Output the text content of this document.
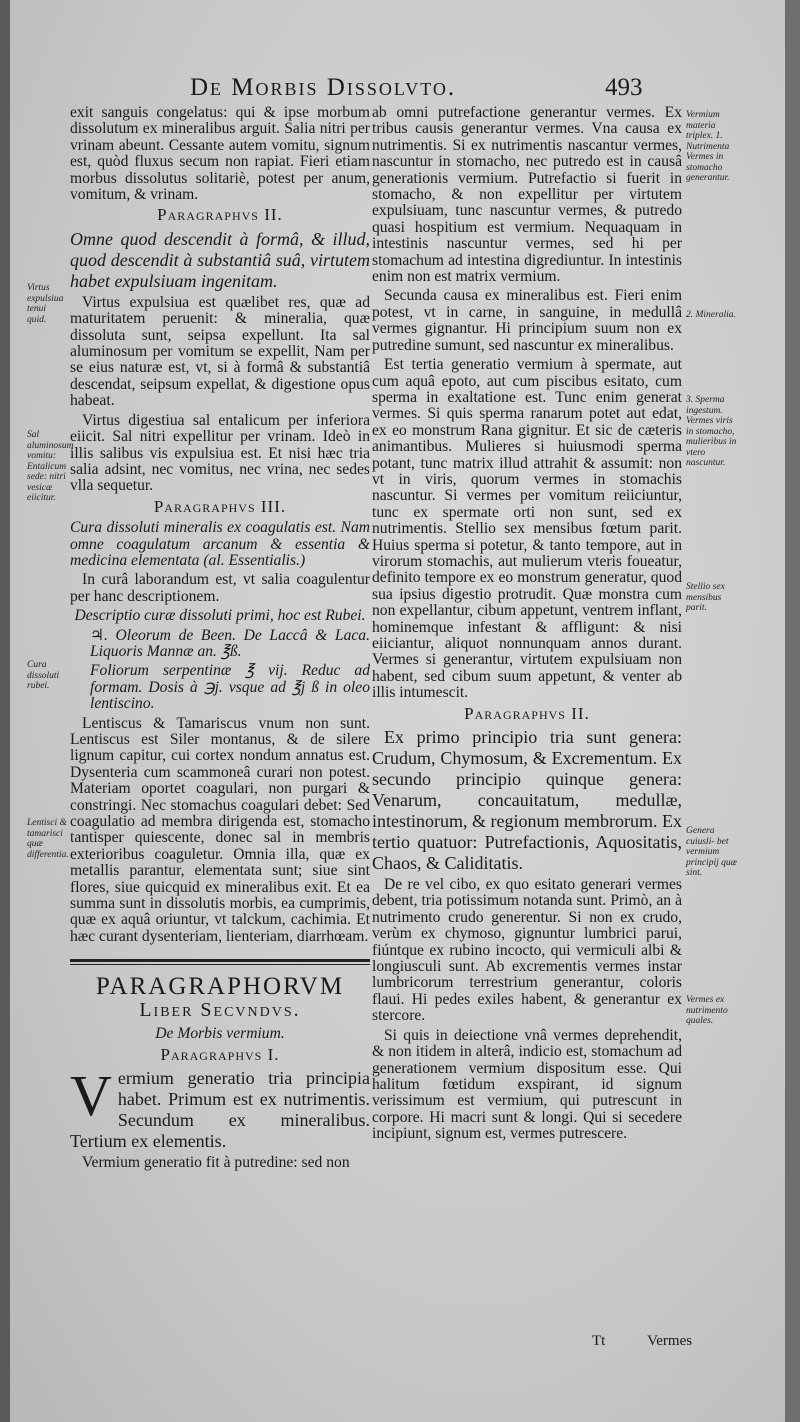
De Morbis Dissolvto.	493

exit sanguis congelatus: qui & ipse morbum dissolutum ex mineralibus arguit. Salia nitri per vrinam abeunt. Cessante autem vomitu, signum est, quòd fluxus secum non rapiat. Fieri etiam morbus dissolutus solitariè, potest per anum, vomitum, & vrinam.

Paragraphvs II.

Omne quod descendit à formâ, & illud, quod descendit à substantiâ suâ, virtutem habet expulsiuam ingenitam.

Virtus expulsiua est quælibet res, quæ ad maturitatem peruenit: & mineralia, quæ dissoluta sunt, seipsa expellunt. Ita sal aluminosum per vomitum se expellit, Nam per se eius naturæ est, vt, si à formâ & substantiâ descendat, seipsum expellat, & digestione opus habeat.

Virtus digestiua sal entalicum per inferiora eiicit. Sal nitri expellitur per vrinam. Ideò in illis salibus vis expulsiua est. Et nisi hæc tria salia adsint, nec vomitus, nec vrina, nec sedes vlla sequetur.

Paragraphvs III.

Cura dissoluti mineralis ex coagulatis est. Nam omne coagulatum arcanum & essentia & medicina elementata (al. Essentialis.)

In curâ laborandum est, vt salia coagulentur per hanc descriptionem.

Descriptio curæ dissoluti primi, hoc est Rubei.

♃. Oleorum de Been. De Laccâ & Laca. Liquoris Mannæ an. ℥ß.

Foliorum serpentinæ ℥ vij. Reduc ad formam. Dosis à ℈j. vsque ad ℥j ß in oleo lentiscino.

Lentiscus & Tamariscus vnum non sunt. Lentiscus est Siler montanus, & de silere lignum capitur, cui cortex nondum annatus est. Dysenteria cum scammoneâ curari non potest. Materiam oportet coagulari, non purgari & constringi. Nec stomachus coagulari debet: Sed coagulatio ad membra dirigenda est, stomacho tantisper quiescente, donec sal in membris exterioribus coaguletur. Omnia illa, quæ ex metallis parantur, elementata sunt; siue sint flores, siue quicquid ex mineralibus exit. Et ea summa sunt in dissolutis morbis, ea cumprimis, quæ ex aquâ oriuntur, vt talckum, cachimia. Et hæc curant dysenteriam, lienteriam, diarrhœam.

PARAGRAPHORVM
Liber Secvndvs.

De Morbis vermium.

Paragraphvs I.

Vermium generatio tria principia habet. Primum est ex nutrimentis. Secundum ex mineralibus. Tertium ex elementis.

Vermium generatio fit à putredine: sed non

ab omni putrefactione generantur vermes. Ex tribus causis generantur vermes. Vna causa ex nutrimentis. Si ex nutrimentis nascantur vermes, nascuntur in stomacho, nec putredo est in causâ generationis vermium. Putrefactio si fuerit in stomacho, & non expellitur per virtutem expulsiuam, tunc nascuntur vermes, & putredo quasi hospitium est vermium. Nequaquam in intestinis nascuntur vermes, sed hi per stomachum ad intestina digrediuntur. In intestinis enim non est matrix vermium.

Secunda causa ex mineralibus est. Fieri enim potest, vt in carne, in sanguine, in medullâ vermes gignantur. Hi principium suum non ex putredine sumunt, sed nascuntur ex mineralibus.

Est tertia generatio vermium à spermate, aut cum aquâ epoto, aut cum piscibus esitato, cum sperma in exaltatione est. Tunc enim generat vermes. Si quis sperma ranarum potet aut edat, ex eo monstrum Rana gignitur. Et sic de cæteris animantibus. Mulieres si huiusmodi sperma potant, tunc matrix illud attrahit & assumit: non vt in viris, quorum vermes in stomachis nascuntur. Si vermes per vomitum reiiciuntur, tunc ex spermate orti non sunt, sed ex nutrimentis. Stellio sex mensibus fœtum parit. Huius sperma si potetur, & tanto tempore, aut in virorum stomachis, aut mulierum vteris foueatur, definito tempore ex eo monstrum generatur, quod sua ipsius digestio protrudit. Quæ monstra cum non expellantur, cibum appetunt, ventrem inflant, hominemque infestant & affligunt: & nisi eiiciantur, aliquot nonnunquam annos durant. Vermes si generantur, virtutem expulsiuam non habent, sed cibum suum appetunt, & venter ab illis intumescit.

Paragraphvs II.

Ex primo principio tria sunt genera: Crudum, Chymosum, & Excrementum. Ex secundo principio quinque genera: Venarum, concauitatum, medullæ, intestinorum, & regionum membrorum. Ex tertio quatuor: Putrefactionis, Aquositatis, Chaos, & Caliditatis.

De re vel cibo, ex quo esitato generari vermes debent, tria potissimum notanda sunt. Primò, an à nutrimento crudo generentur. Si non ex crudo, verùm ex chymoso, gignuntur lumbrici parui, fiúntque ex rubino incocto, qui vermiculi albi & longiusculi sunt. Ab excrementis vermes instar lumbricorum terrestrium generantur, coloris flaui. Hi pedes exiles habent, & generantur ex stercore.

Si quis in deiectione vnâ vermes deprehendit, & non itidem in alterâ, indicio est, stomachum ad generationem vermium dispositum esse. Qui halitum fœtidum exspirant, id signum verissimum est vermium, qui putrescunt in corpore. Hi macri sunt & longi. Qui si secedere incipiunt, signum est, vermes putrescere.

Virtus expulsiua tenui quid.
Sal aluminosum vomitu: Entalicum sede: nitri vesicæ eiicitur.
Cura dissoluti rubei.
Lentisci & tamarisci quæ differentia.
Vermium materia triplex. 1. Nutrimenta Vermes in stomacho generantur.
2. Mineralia.
3. Sperma ingestum. Vermes viris in stomacho, mulieribus in vtero nascuntur.
Stellio sex mensibus parit.
Genera cuiusli- bet vermium principij quæ sint.
Vermes ex nutrimento quales.
Tt	Vermes
